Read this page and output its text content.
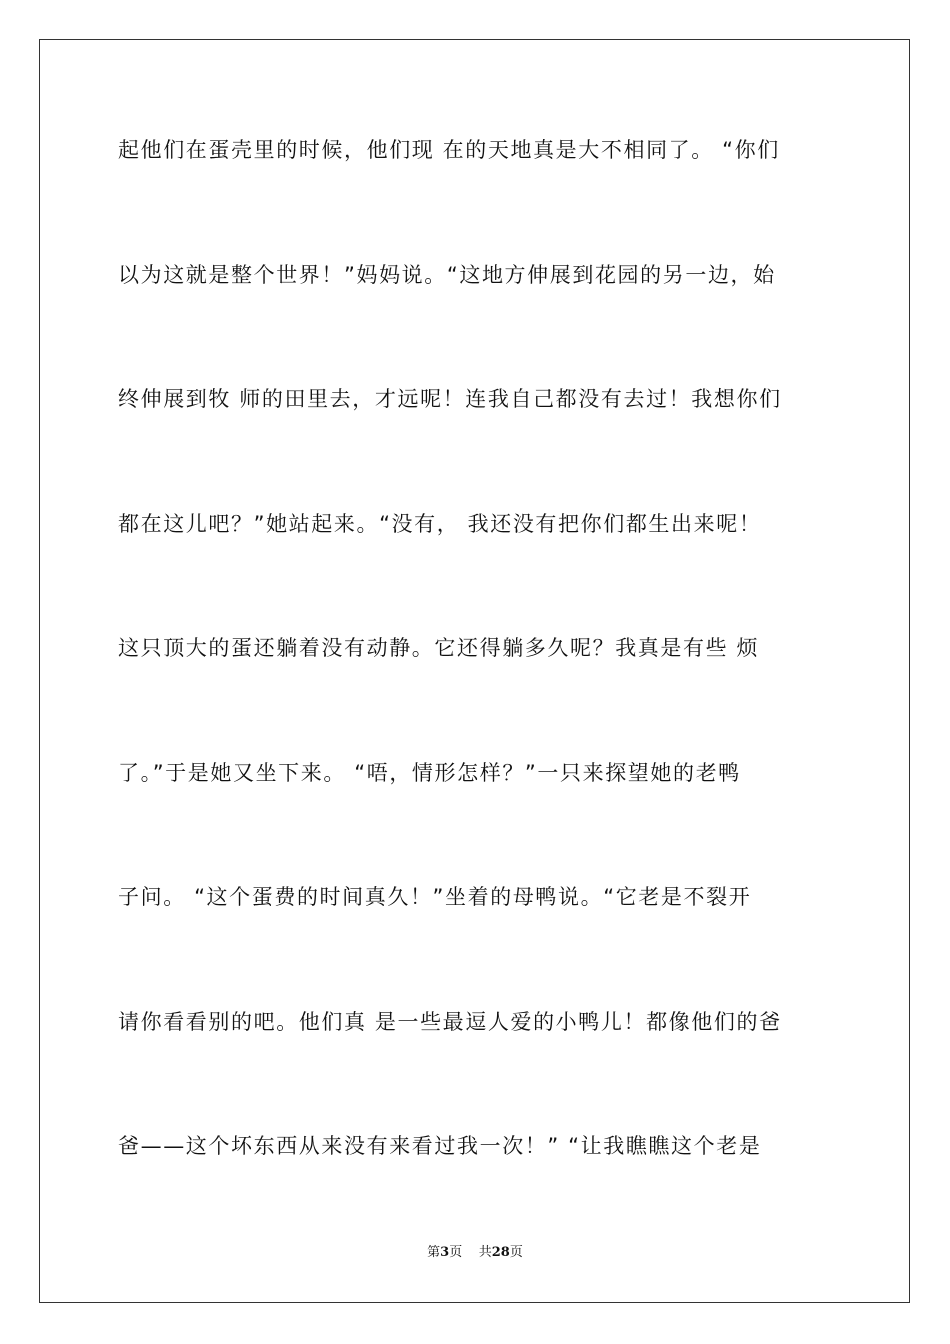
起他们在蛋壳里的时候，他们现 在的天地真是大不相同了。 “你们
以为这就是整个世界！”妈妈说。“这地方伸展到花园的另一边，始
终伸展到牧 师的田里去，才远呢！连我自己都没有去过！我想你们
都在这儿吧？”她站起来。“没有， 我还没有把你们都生出来呢！
这只顶大的蛋还躺着没有动静。它还得躺多久呢？我真是有些 烦
了。”于是她又坐下来。 “唔，情形怎样？”一只来探望她的老鸭
子问。 “这个蛋费的时间真久！”坐着的母鸭说。“它老是不裂开
请你看看别的吧。他们真 是一些最逗人爱的小鸭儿！都像他们的爸
爸——这个坏东西从来没有来看过我一次！” “让我瞧瞧这个老是
第3页 共28页
